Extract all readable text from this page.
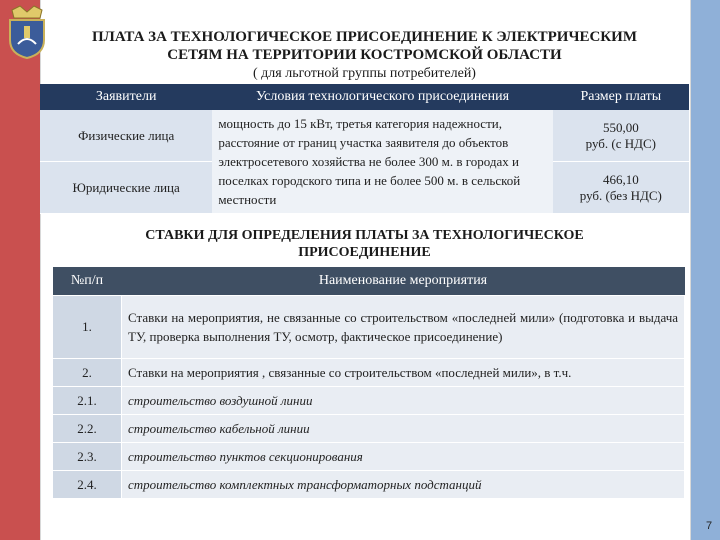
ПЛАТА ЗА ТЕХНОЛОГИЧЕСКОЕ ПРИСОЕДИНЕНИЕ К ЭЛЕКТРИЧЕСКИМ
СЕТЯМ НА ТЕРРИТОРИИ КОСТРОМСКОЙ ОБЛАСТИ
( для льготной группы потребителей)
Заявители	Условия технологического присоединения	Размер платы
Физические лица	мощность до 15 кВт, третья категория надежности, расстояние от границ участка заявителя до объектов электросетевого хозяйства не более 300 м. в городах и поселках городского типа и не более 500 м. в сельской местности	550,00
руб. (с НДС)

Юридические лица		466,10
руб. (без НДС)
СТАВКИ ДЛЯ ОПРЕДЕЛЕНИЯ ПЛАТЫ ЗА ТЕХНОЛОГИЧЕСКОЕ
ПРИСОЕДИНЕНИЕ
№п/п	Наименование мероприятия
1.	Ставки на мероприятия, не связанные со строительством «последней мили» (подготовка и выдача ТУ, проверка выполнения ТУ, осмотр, фактическое присоединение)
2.	Ставки на мероприятия , связанные со строительством «последней мили», в т.ч.
2.1.	строительство воздушной линии
2.2.	строительство кабельной линии
2.3.	строительство пунктов секционирования
2.4.	строительство комплектных трансформаторных подстанций
7
